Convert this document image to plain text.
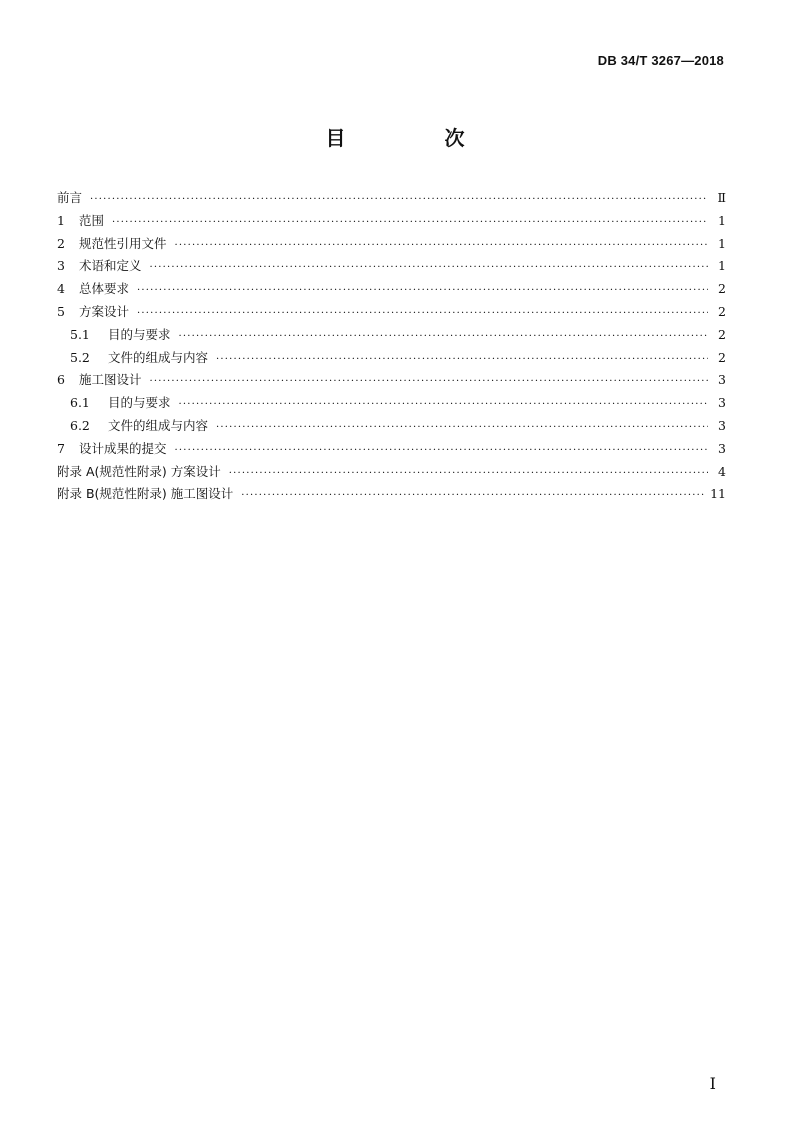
DB 34/T 3267—2018
目 次
前言 ·····	Ⅱ
1	范围 ·····	1
2	规范性引用文件 ·····	1
3	术语和定义 ·····	1
4	总体要求 ·····	2
5	方案设计 ·····	2
5.1	目的与要求 ·····	2
5.2	文件的组成与内容 ·····	2
6	施工图设计 ·····	3
6.1	目的与要求 ·····	3
6.2	文件的组成与内容 ·····	3
7	设计成果的提交 ·····	3
附录 A(规范性附录) 方案设计 ·····	4
附录 B(规范性附录) 施工图设计 ·····	11
I
